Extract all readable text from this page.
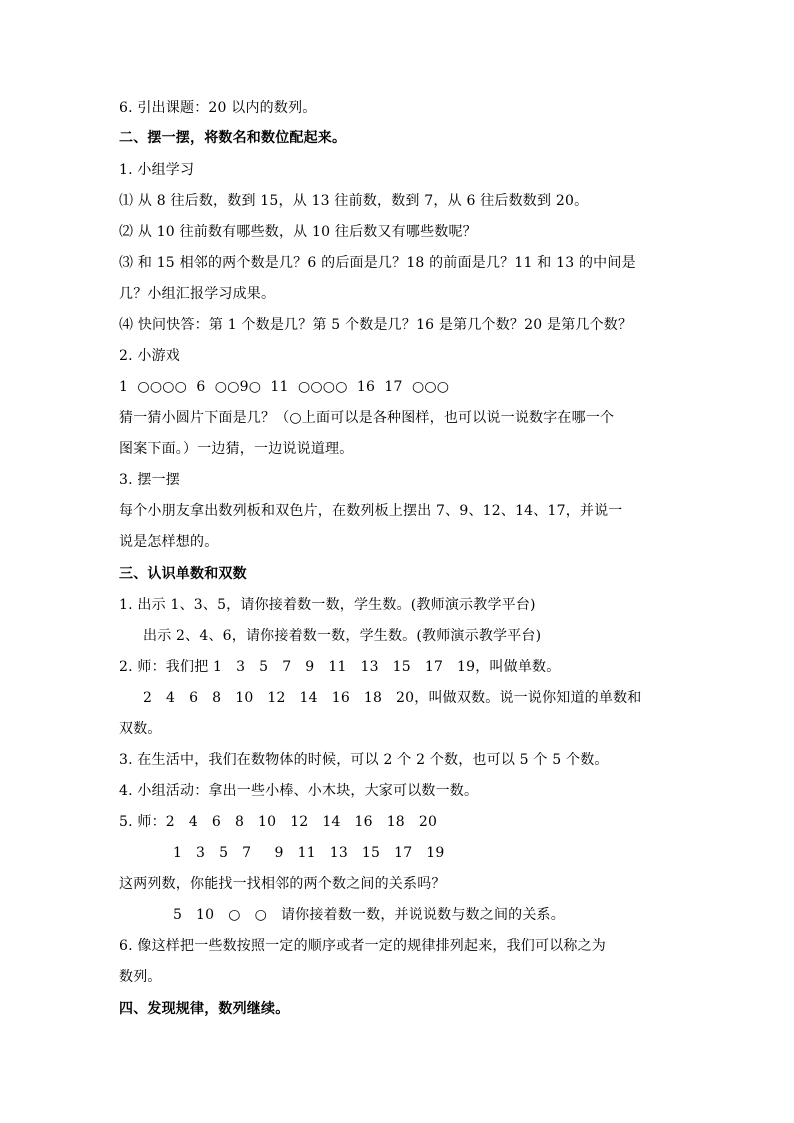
6. 引出课题：20 以内的数列。
二、摆一摆，将数名和数位配起来。
1. 小组学习
⑴ 从 8 往后数，数到 15，从 13 往前数，数到 7，从 6 往后数数到 20。
⑵ 从 10 往前数有哪些数，从 10 往后数又有哪些数呢？
⑶ 和 15 相邻的两个数是几？6 的后面是几？18 的前面是几？11 和 13 的中间是
几？小组汇报学习成果。
⑷ 快问快答：第 1 个数是几？第 5 个数是几？16 是第几个数？20 是第几个数？
2. 小游戏
1  ○○○○  6  ○○9○  11  ○○○○  16  17  ○○○
猜一猜小圆片下面是几？（○上面可以是各种图样，也可以说一说数字在哪一个
图案下面。）一边猜，一边说说道理。
3. 摆一摆
每个小朋友拿出数列板和双色片，在数列板上摆出 7、9、12、14、17，并说一
说是怎样想的。
三、认识单数和双数
1. 出示 1、3、5，请你接着数一数，学生数。(教师演示教学平台)
出示 2、4、6，请你接着数一数，学生数。(教师演示教学平台)
2. 师：我们把 1   3   5   7   9   11   13   15   17   19，叫做单数。
2   4   6   8   10   12   14   16   18   20，叫做双数。说一说你知道的单数和
双数。
3. 在生活中，我们在数物体的时候，可以 2 个 2 个数，也可以 5 个 5 个数。
4. 小组活动：拿出一些小棒、小木块，大家可以数一数。
5. 师：2   4   6   8   10   12   14   16   18   20
1   3   5   7     9   11   13   15   17   19
这两列数，你能找一找相邻的两个数之间的关系吗？
5   10   ○   ○   请你接着数一数，并说说数与数之间的关系。
6. 像这样把一些数按照一定的顺序或者一定的规律排列起来，我们可以称之为
数列。
四、发现规律，数列继续。
